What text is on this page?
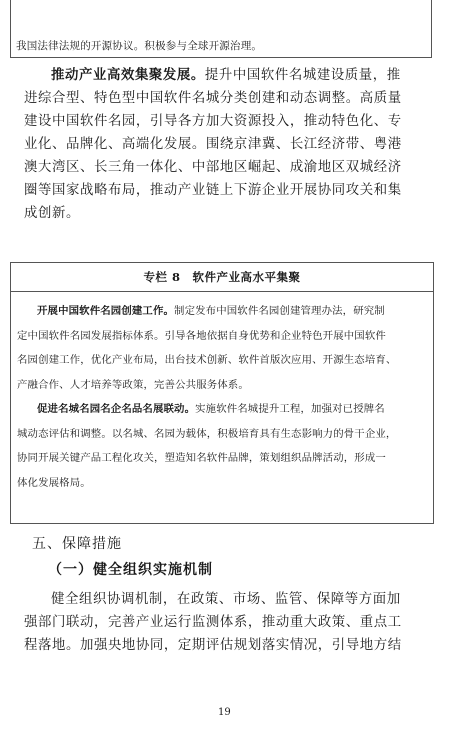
我国法律法规的开源协议。积极参与全球开源治理。
推动产业高效集聚发展。提升中国软件名城建设质量，推
进综合型、特色型中国软件名城分类创建和动态调整。高质量
建设中国软件名园，引导各方加大资源投入，推动特色化、专
业化、品牌化、高端化发展。围绕京津冀、长江经济带、粤港
澳大湾区、长三角一体化、中部地区崛起、成渝地区双城经济
圈等国家战略布局，推动产业链上下游企业开展协同攻关和集
成创新。
专栏 8　软件产业高水平集聚
开展中国软件名园创建工作。制定发布中国软件名园创建管理办法，研究制
定中国软件名园发展指标体系。引导各地依据自身优势和企业特色开展中国软件
名园创建工作，优化产业布局，出台技术创新、软件首版次应用、开源生态培育、
产融合作、人才培养等政策，完善公共服务体系。
促进名城名园名企名品名展联动。实施软件名城提升工程，加强对已授牌名
城动态评估和调整。以名城、名园为载体，积极培育具有生态影响力的骨干企业，
协同开展关键产品工程化攻关，塑造知名软件品牌，策划组织品牌活动，形成一
体化发展格局。
五、保障措施
（一）健全组织实施机制
健全组织协调机制，在政策、市场、监管、保障等方面加
强部门联动，完善产业运行监测体系，推动重大政策、重点工
程落地。加强央地协同，定期评估规划落实情况，引导地方结
19
